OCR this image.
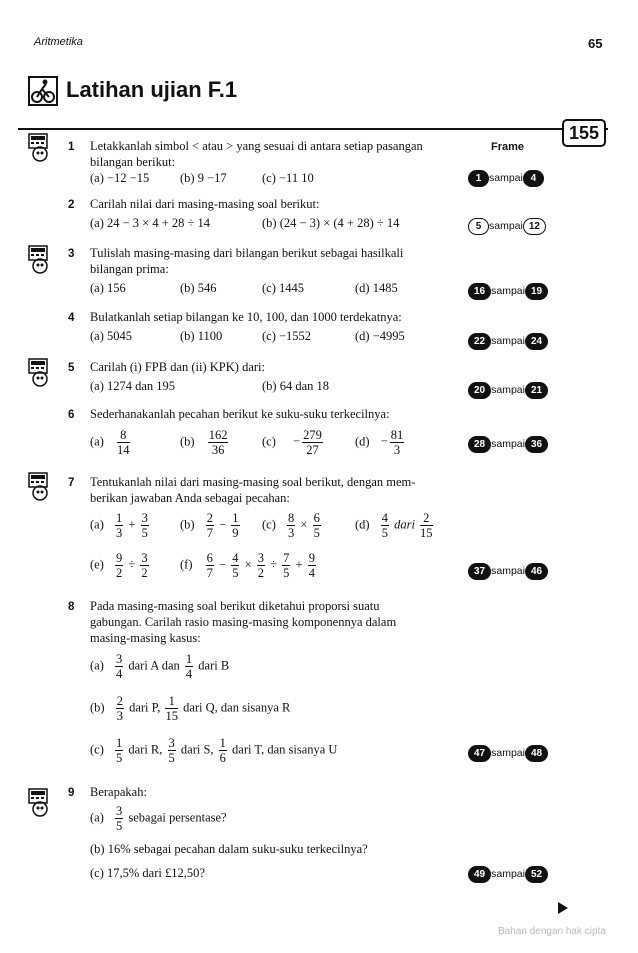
Aritmetika	65
Latihan ujian F.1
Frame
155
1 Letakkanlah simbol < atau > yang sesuai di antara setiap pasangan
bilangan berikut:
(a) −12 −15 (b) 9 −17	(c) −11 10	1 sampai 4
2 Carilah nilai dari masing-masing soal berikut:
(a) 24 − 3 × 4 + 28 ÷ 14	(b) (24 − 3) × (4 + 28) ÷ 14	5 sampai 12
3 Tulislah masing-masing dari bilangan berikut sebagai hasilkali
bilangan prima:
(a) 156	(b) 546	(c) 1445	(d) 1485	16 sampai 19
4 Bulatkanlah setiap bilangan ke 10, 100, dan 1000 terdekatnya:
(a) 5045	(b) 1100	(c) −1552	(d) −4995	22 sampai 24
5 Carilah (i) FPB dan (ii) KPK) dari:
(a) 1274 dan 195	(b) 64 dan 18	20 sampai 21
6 Sederhanakanlah pecahan berikut ke suku-suku terkecilnya:
$(a) \frac{8}{14}$	$(b) \frac{162}{36}$	$(c) - \frac{279}{27}$	$(d) - \frac{81}{3}$	28 sampai 36
7 Tentukanlah nilai dari masing-masing soal berikut, dengan mem-
berikan jawaban Anda sebagai pecahan:
$(a) \frac{1}{3} + \frac{3}{5} (b) \frac{2}{7} - \frac{1}{9} (c) \frac{8}{3} \times \frac{6}{5}$	$(d) \frac{4}{5}$ dari $\frac{2}{15}$
$(e) \frac{9}{2} \div \frac{3}{2}$	$(f) \frac{6}{7} - \frac{4}{5} \times \frac{3}{2} \div \frac{7}{5} + \frac{9}{4}$	37 sampai 46
8 Pada masing-masing soal berikut diketahui proporsi suatu
gabungan. Carilah rasio masing-masing komponennya dalam
masing-masing kasus:
$(a) \frac{3}{4}$ dari A dan $\frac{1}{4}$ dari B
$(b) \frac{2}{3}$ dari P, $\frac{1}{15}$ dari Q, dan sisanya R
$(c) \frac{1}{5}$ dari R, $\frac{3}{5}$ dari S, $\frac{1}{6}$ dari T, dan sisanya U	47 sampai 48
9 Berapakah:
$(a) \frac{3}{5}$ sebagai persentase?
(b) 16% sebagai pecahan dalam suku-suku terkecilnya?
(c) 17,5% dari £12,50?	49 sampai 52
Bahan dengan hak cipta
